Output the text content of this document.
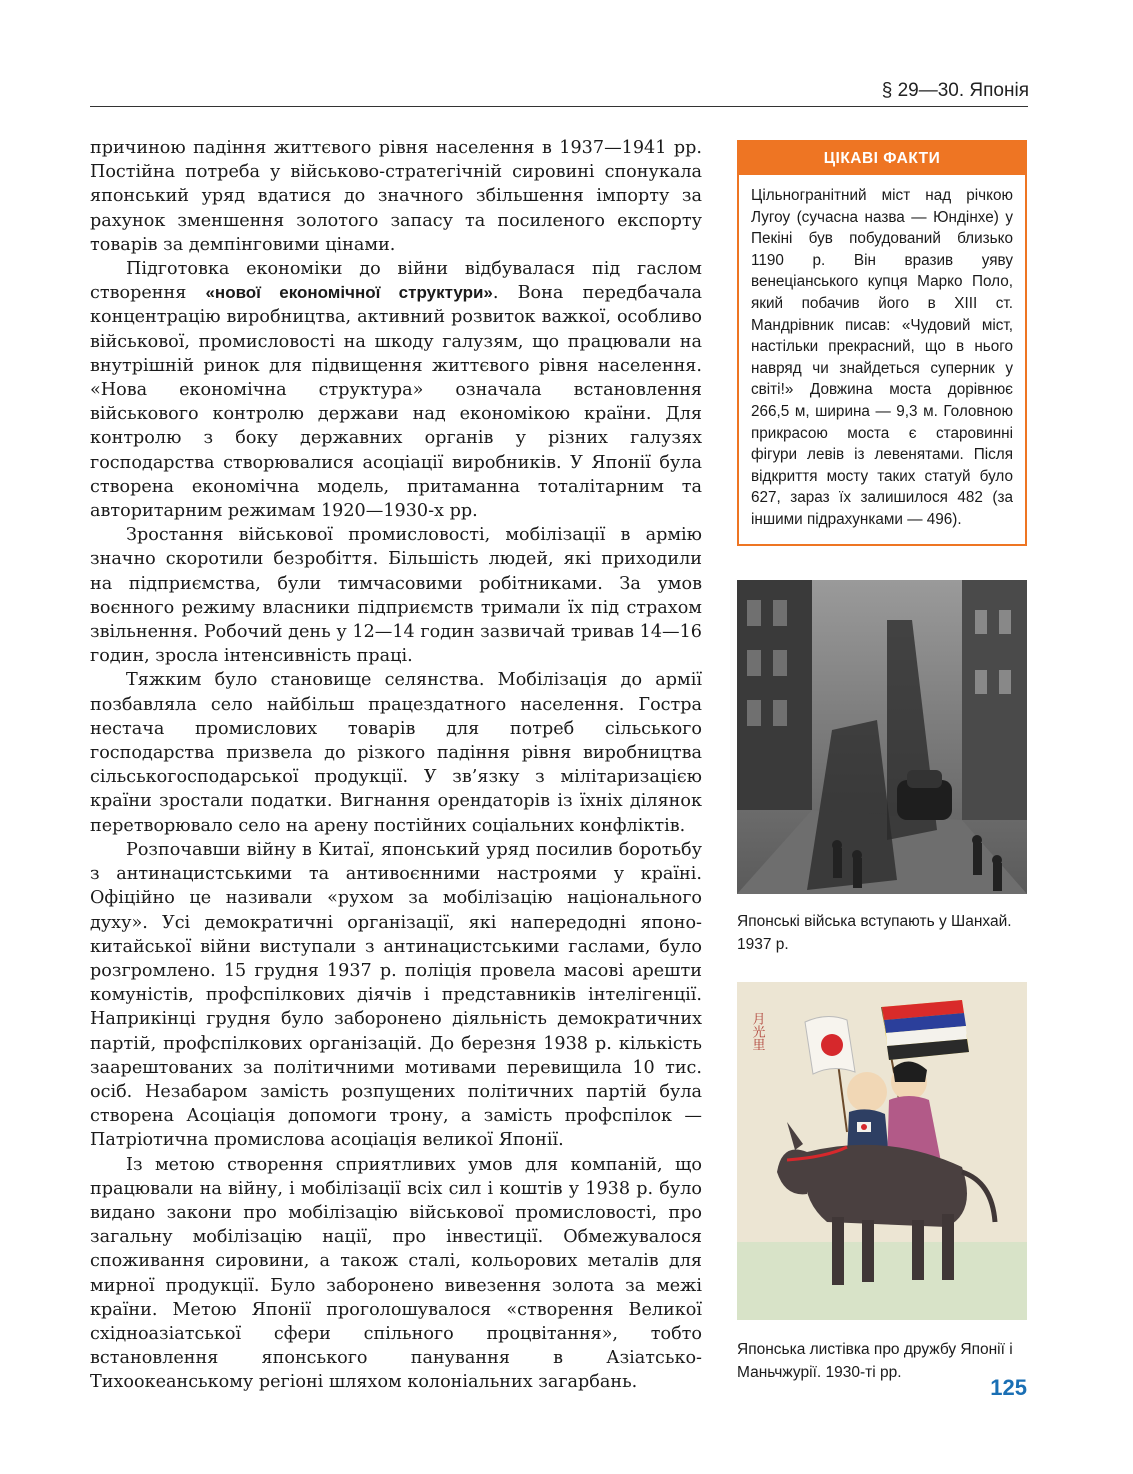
§ 29—30. Японія

причиною падіння життєвого рівня населення в 1937—1941 рр. Постійна потреба у військово-стратегічній сировині спонукала японський уряд вдатися до значного збільшення імпорту за рахунок зменшення золотого запасу та посиленого експорту товарів за демпінговими цінами.

Підготовка економіки до війни відбувалася під гаслом створення «нової економічної структури». Вона передбачала концентрацію виробництва, активний розвиток важкої, особливо військової, промисловості на шкоду галузям, що працювали на внутрішній ринок для підвищення життєвого рівня населення. «Нова економічна структура» означала встановлення військового контролю держави над економікою країни. Для контролю з боку державних органів у різних галузях господарства створювалися асоціації виробників. У Японії була створена економічна модель, притаманна тоталітарним та авторитарним режимам 1920—1930-х рр.

Зростання військової промисловості, мобілізації в армію значно скоротили безробіття. Більшість людей, які приходили на підприємства, були тимчасовими робітниками. За умов воєнного режиму власники підприємств тримали їх під страхом звільнення. Робочий день у 12—14 годин зазвичай тривав 14—16 годин, зросла інтенсивність праці.

Тяжким було становище селянства. Мобілізація до армії позбавляла село найбільш працездатного населення. Гостра нестача промислових товарів для потреб сільського господарства призвела до різкого падіння рівня виробництва сільськогосподарської продукції. У зв’язку з мілітаризацією країни зростали податки. Вигнання орендаторів із їхніх ділянок перетворювало село на арену постійних соціальних конфліктів.

Розпочавши війну в Китаї, японський уряд посилив боротьбу з антинацистськими та антивоєнними настроями у країні. Офіційно це називали «рухом за мобілізацію національного духу». Усі демократичні організації, які напередодні японо-китайської війни виступали з антинацистськими гаслами, було розгромлено. 15 грудня 1937 р. поліція провела масові арешти комуністів, профспілкових діячів і представників інтелігенції. Наприкінці грудня було заборонено діяльність демократичних партій, профспілкових організацій. До березня 1938 р. кількість заарештованих за політичними мотивами перевищила 10 тис. осіб. Незабаром замість розпущених політичних партій була створена Асоціація допомоги трону, а замість профспілок — Патріотична промислова асоціація великої Японії.

Із метою створення сприятливих умов для компаній, що працювали на війну, і мобілізації всіх сил і коштів у 1938 р. було видано закони про мобілізацію військової промисловості, про загальну мобілізацію нації, про інвестиції. Обмежувалося споживання сировини, а також сталі, кольорових металів для мирної продукції. Було заборонено вивезення золота за межі країни. Метою Японії проголошувалося «створення Великої східноазіатської сфери спільного процвітання», тобто встановлення японського панування в Азіатсько-Тихоокеанському регіоні шляхом колоніальних загарбань.

ЦІКАВІ ФАКТИ
Цільногранітний міст над річкою Лугоу (сучасна назва — Юндінхе) у Пекіні був побудований близько 1190 р. Він вразив уяву венеціанського купця Марко Поло, який побачив його в XIII ст. Мандрівник писав: «Чудовий міст, настільки прекрасний, що в нього навряд чи знайдеться суперник у світі!» Довжина моста дорівнює 266,5 м, ширина — 9,3 м. Головною прикрасою моста є старовинні фігури левів із левенятами. Після відкриття мосту таких статуй було 627, зараз їх залишилося 482 (за іншими підрахунками — 496).
Японські війська вступають у Шанхай. 1937 р.
月光里
Японська листівка про дружбу Японії і Маньчжурії. 1930-ті рр.
125
